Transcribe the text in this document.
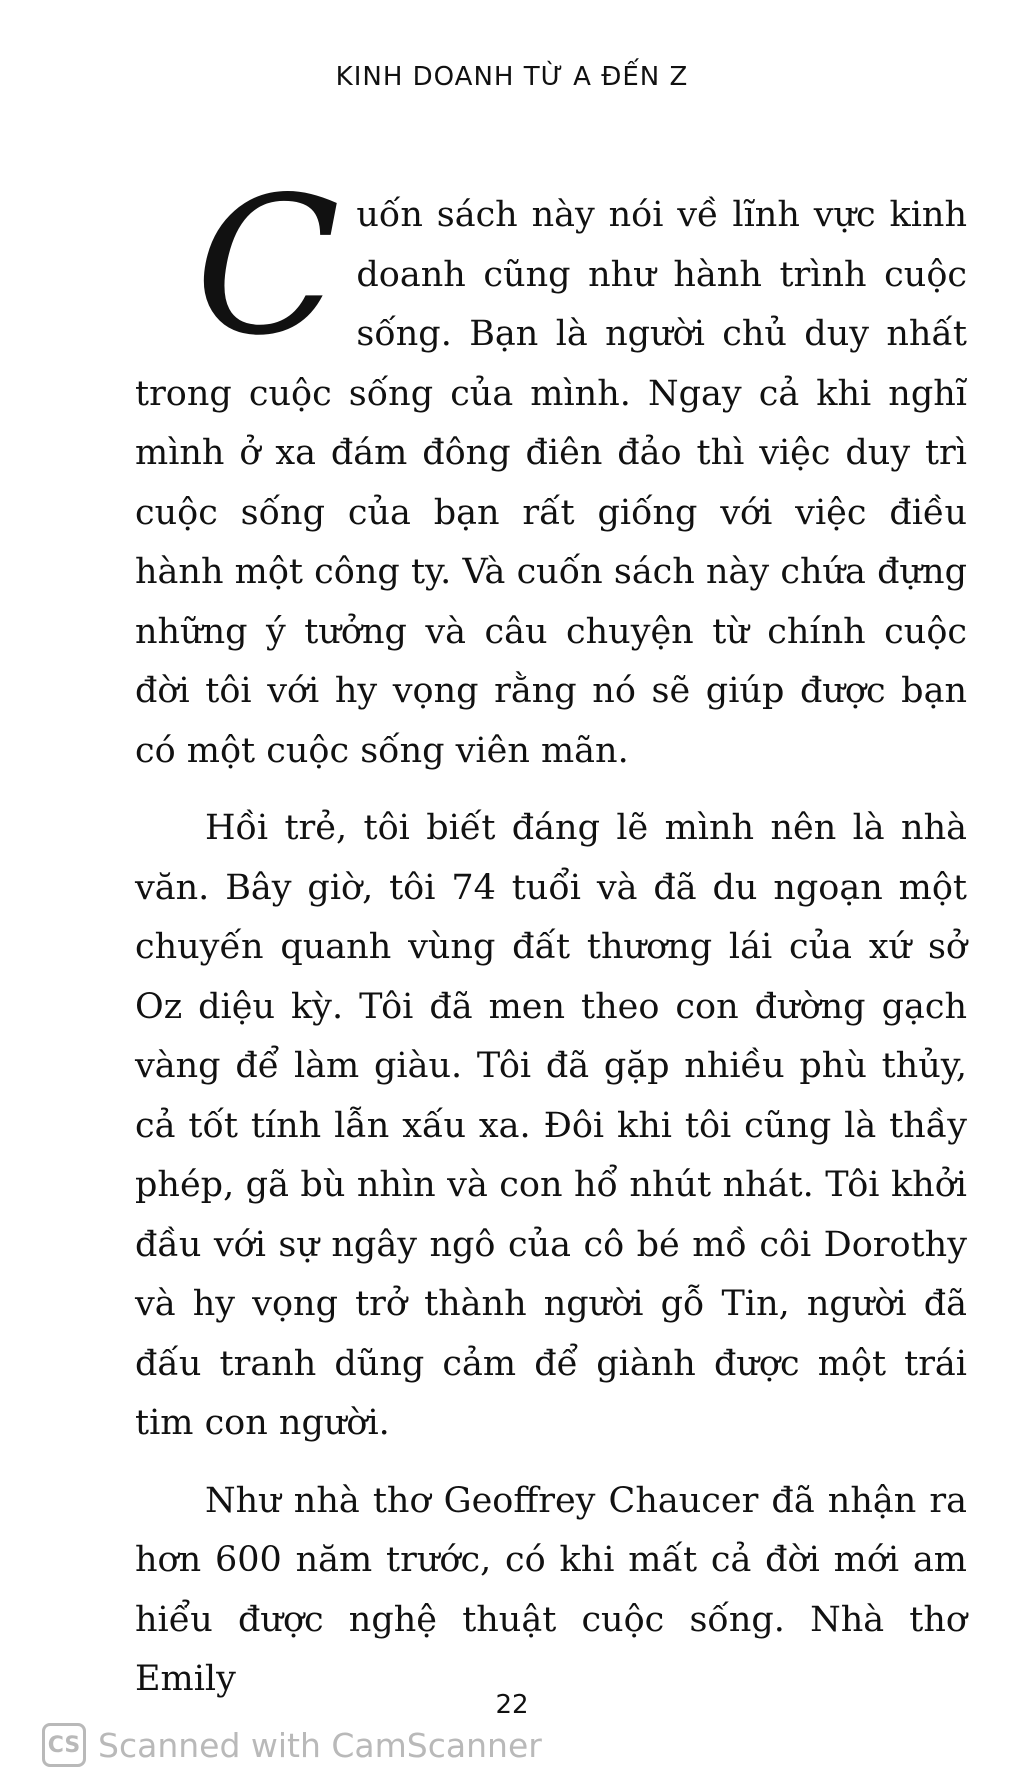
KINH DOANH TỪ A ĐẾN Z

Cuốn sách này nói về lĩnh vực kinh doanh cũng như hành trình cuộc sống. Bạn là người chủ duy nhất trong cuộc sống của mình. Ngay cả khi nghĩ mình ở xa đám đông điên đảo thì việc duy trì cuộc sống của bạn rất giống với việc điều hành một công ty. Và cuốn sách này chứa đựng những ý tưởng và câu chuyện từ chính cuộc đời tôi với hy vọng rằng nó sẽ giúp được bạn có một cuộc sống viên mãn.

Hồi trẻ, tôi biết đáng lẽ mình nên là nhà văn. Bây giờ, tôi 74 tuổi và đã du ngoạn một chuyến quanh vùng đất thương lái của xứ sở Oz diệu kỳ. Tôi đã men theo con đường gạch vàng để làm giàu. Tôi đã gặp nhiều phù thủy, cả tốt tính lẫn xấu xa. Đôi khi tôi cũng là thầy phép, gã bù nhìn và con hổ nhút nhát. Tôi khởi đầu với sự ngây ngô của cô bé mồ côi Dorothy và hy vọng trở thành người gỗ Tin, người đã đấu tranh dũng cảm để giành được một trái tim con người.

Như nhà thơ Geoffrey Chaucer đã nhận ra hơn 600 năm trước, có khi mất cả đời mới am hiểu được nghệ thuật cuộc sống. Nhà thơ Emily

22
CS Scanned with CamScanner
